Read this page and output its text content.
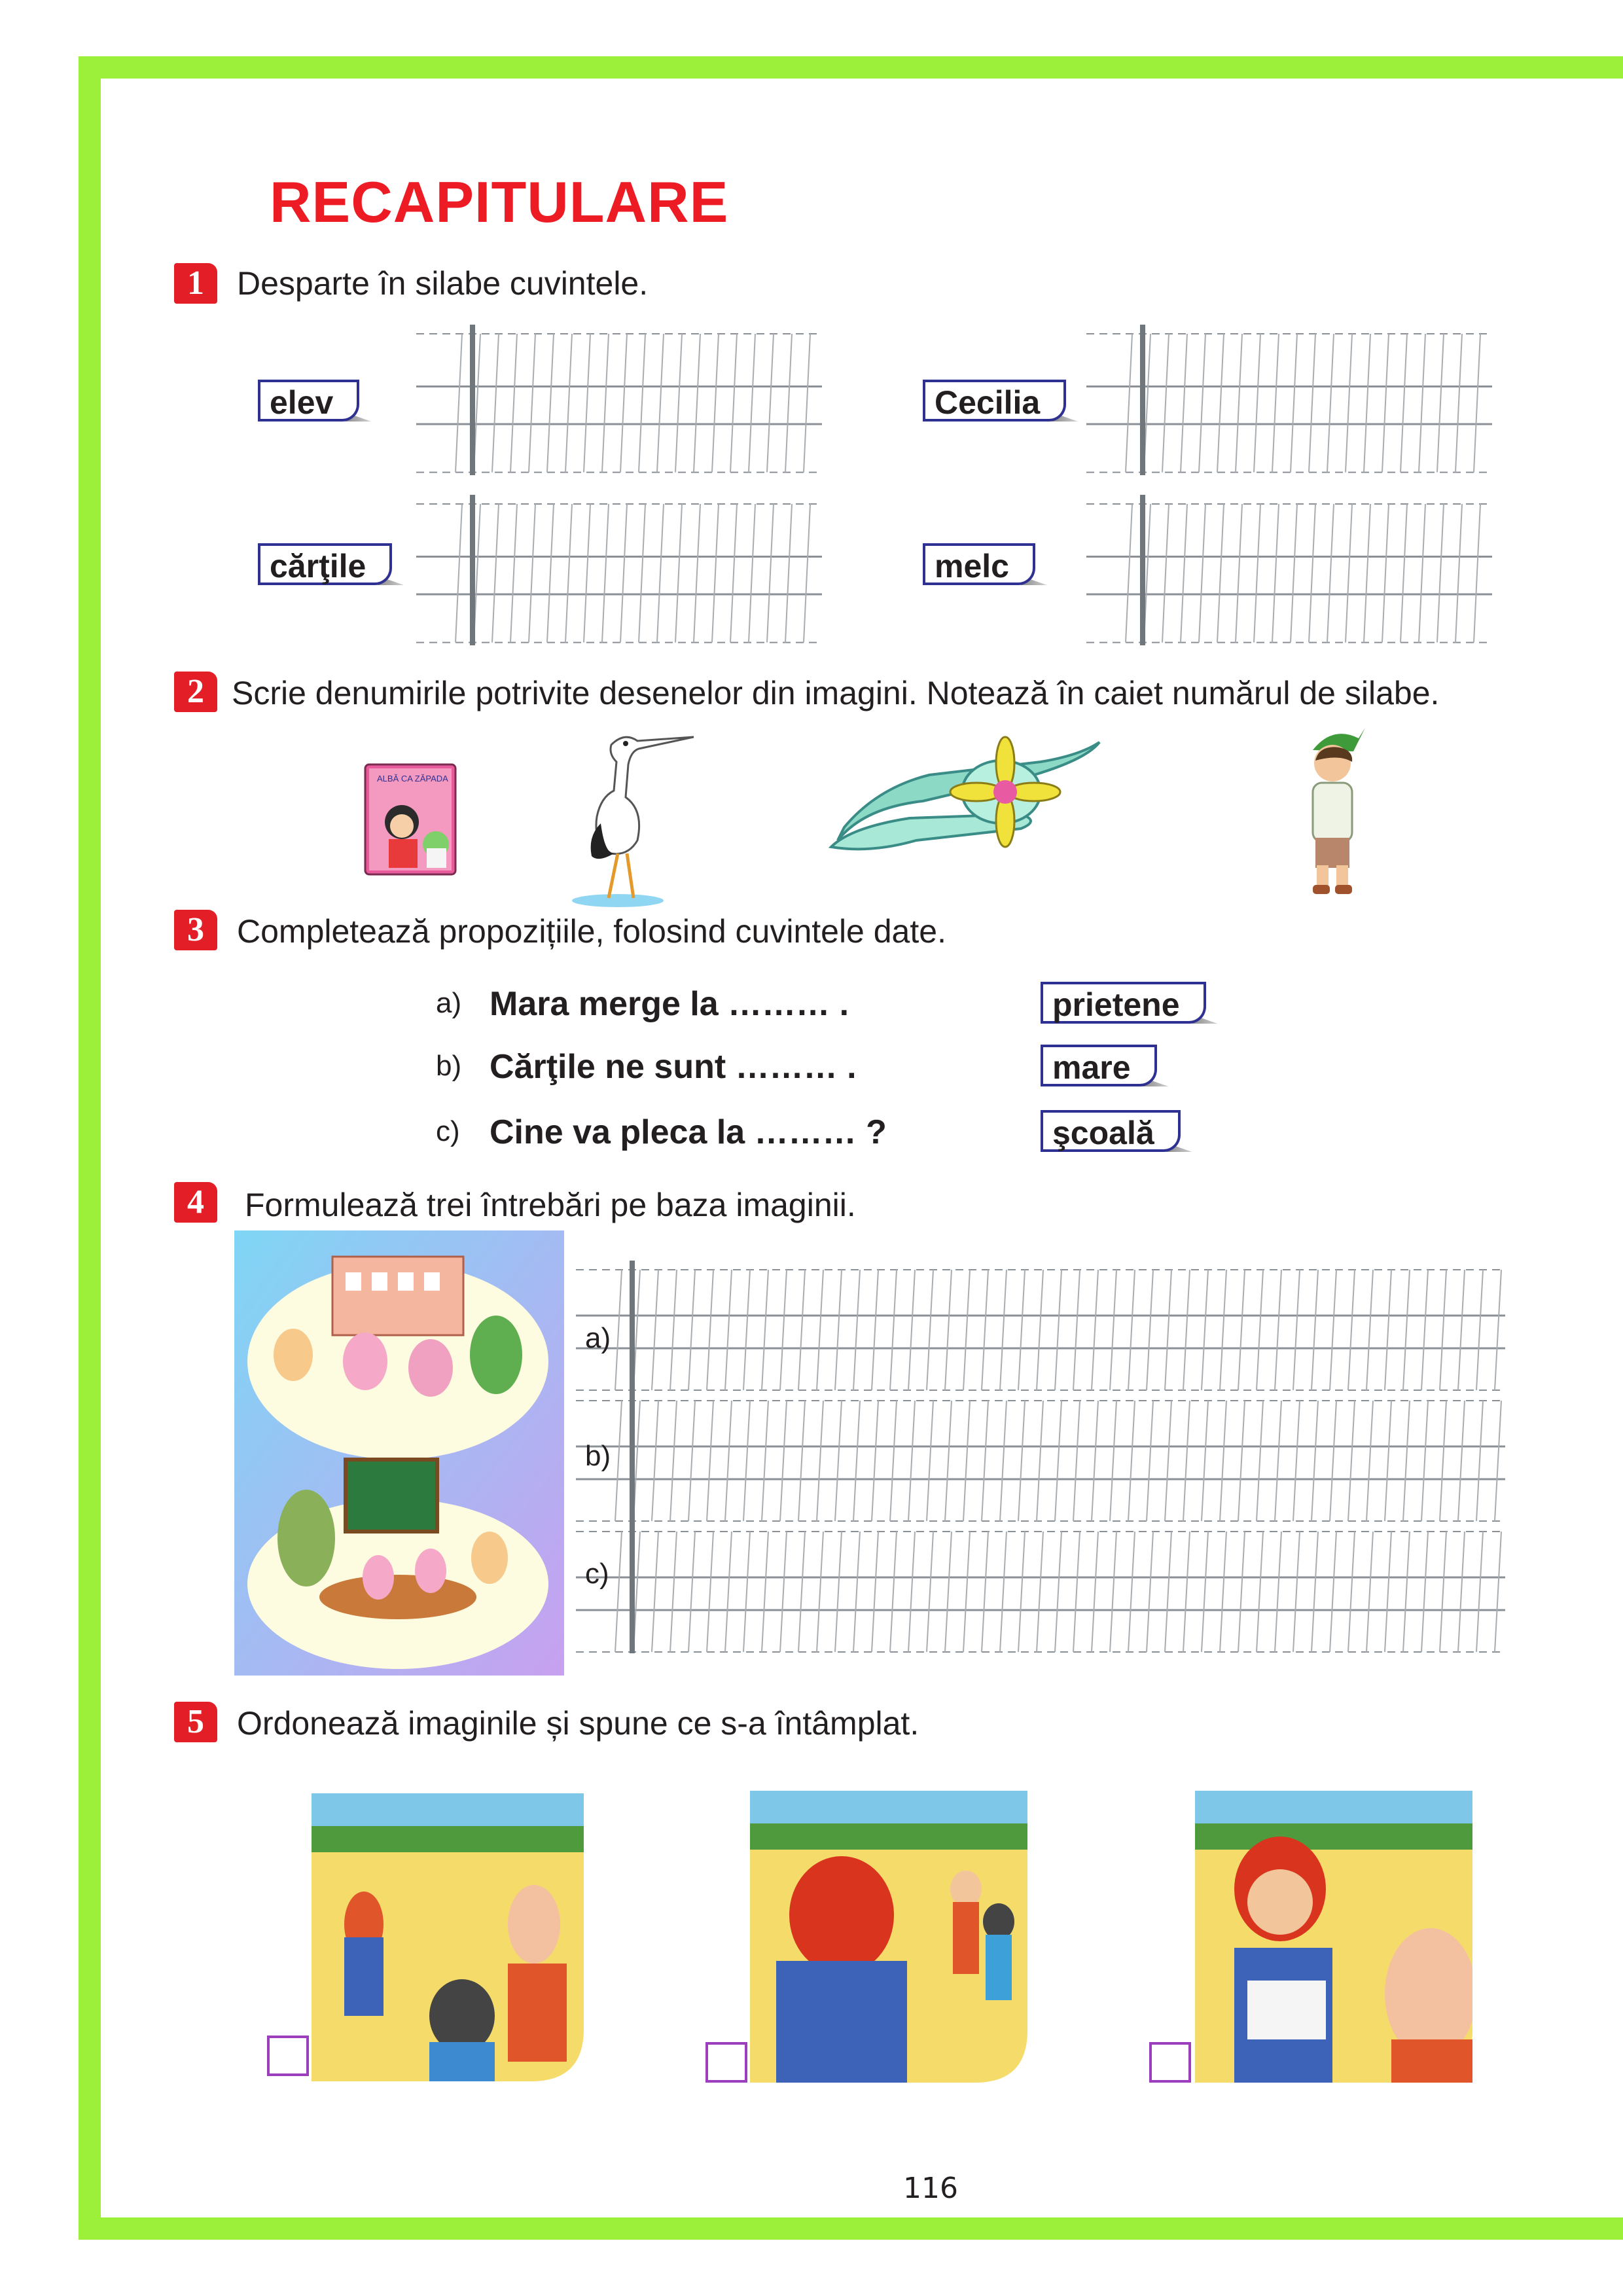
RECAPITULARE
1	Desparte în silabe cuvintele.
elev	Cecilia
cărţile	melc
2 Scrie denumirile potrivite desenelor din imagini. Notează în caiet numărul de silabe.
ALBĂ CA ZĂPADA
3	Completează propozițiile, folosind cuvintele date.
a) Mara merge la ……… .
b) Cărţile ne sunt ……… .
c) Cine va pleca la ……… ?
prietene
mare
şcoală
4	Formulează trei întrebări pe baza imaginii.
a)
b)
c)
5	Ordonează imaginile și spune ce s-a întâmplat.
116
